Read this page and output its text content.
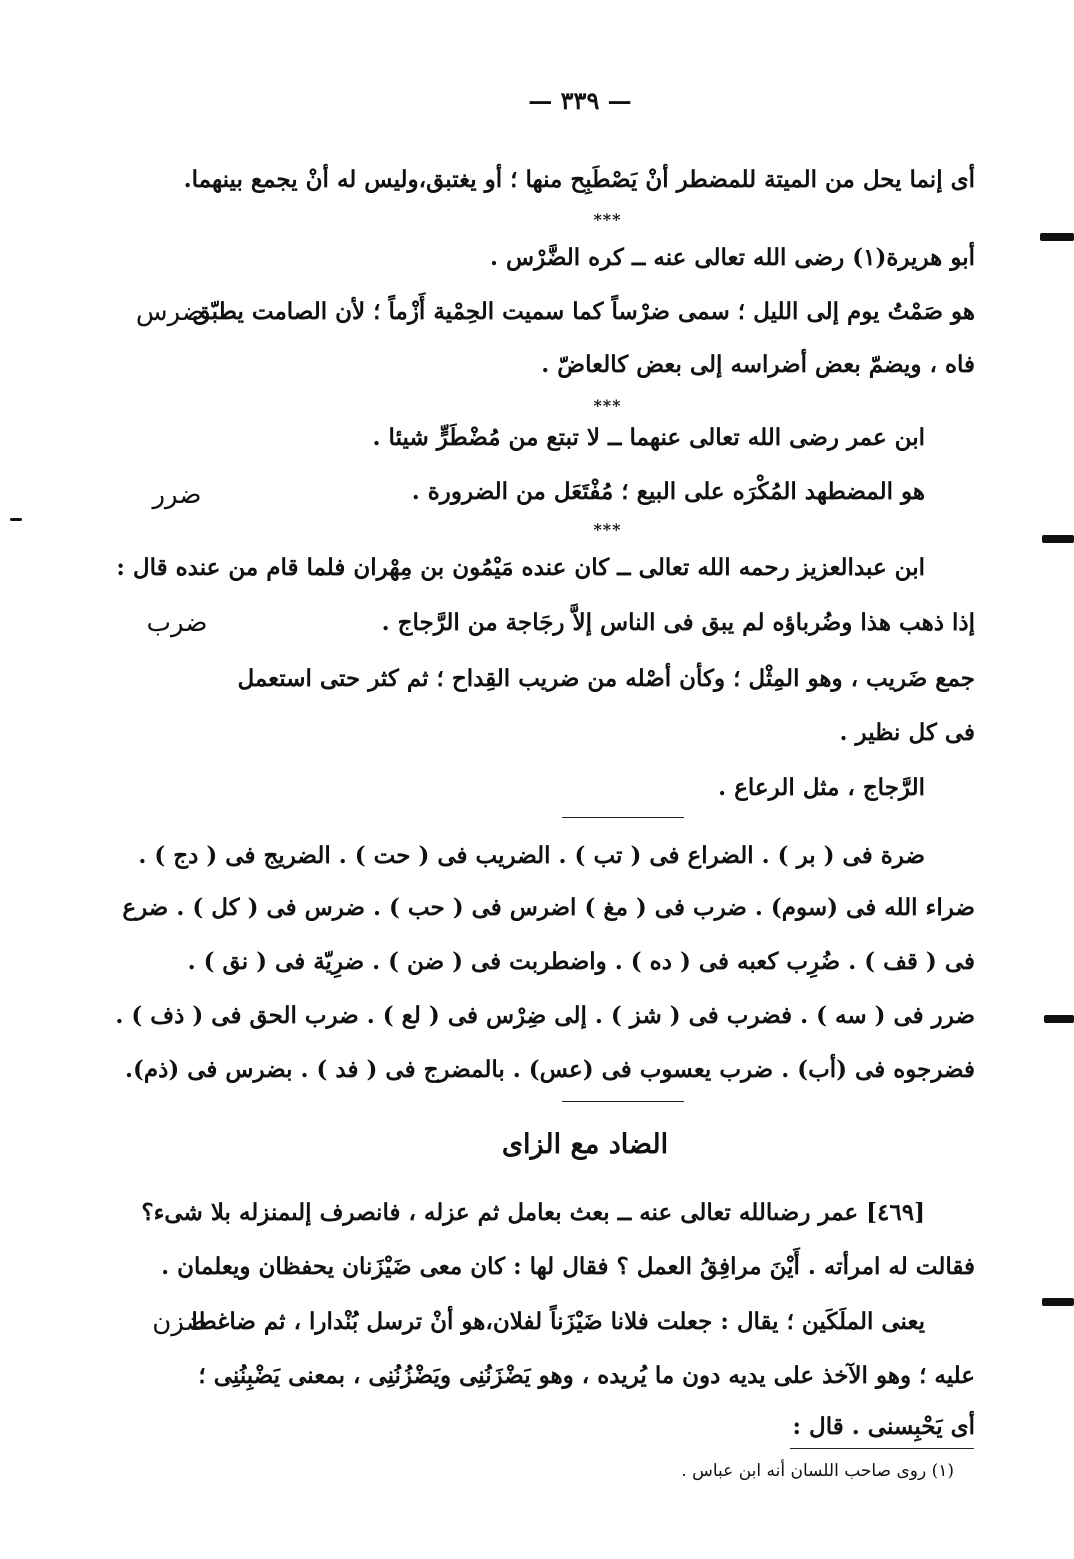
— ٣٣٩ —
أى إنما يحل من الميتة للمضطر أنْ يَصْطَبِح منها ؛ أو يغتبق،وليس له أنْ يجمع بينهما.
***
أبو هريرة(١) رضى الله تعالى عنه ــ كره الضَّرْس .
هو صَمْتُ يوم إلى الليل ؛ سمى ضرْساً كما سميت الحِمْية أَزْماً ؛ لأن الصامت يطبّق
فاه ، ويضمّ بعض أضراسه إلى بعض كالعاضّ .
***
ابن عمر رضى الله تعالى عنهما ــ لا تبتع من مُضْطَرٍّ شيئا .
هو المضطهد المُكْرَه على البيع ؛ مُفْتَعَل من الضرورة .
***
ابن عبدالعزيز رحمه الله تعالى ــ كان عنده مَيْمُون بن مِهْران فلما قام من عنده قال :
إذا ذهب هذا وضُرباؤه لم يبق فى الناس إلاَّ رجَاجة من الرَّجاج .
جمع ضَريب ، وهو المِثْل ؛ وكأن أصْله من ضريب القِداح ؛ ثم كثر حتى استعمل
فى كل نظير .
الرَّجاج ، مثل الرعاع .
ضرة فى ( بر ) . الضراع فى ( تب ) . الضريب فى ( حت ) . الضريج فى ( دج ) .
ضراء الله فى (سوم) . ضرب فى ( مغ ) اضرس فى ( حب ) . ضرس فى ( كل ) . ضرع
فى ( قف ) . ضُرِب كعبه فى ( ده ) . واضطربت فى ( ضن ) . ضرِيّة فى ( نق ) .
ضرر فى ( سه ) . فضرب فى ( شز ) . إلى ضِرْس فى ( لع ) . ضرب الحق فى ( ذف ) .
فضرجوه فى (أب) . ضرب يعسوب فى (عس) . بالمضرج فى ( فد ) . بضرس فى (ذم).
[٤٦٩] عمر رضىالله تعالى عنه ــ بعث بعامل ثم عزله ، فانصرف إلىمنزله بلا شىء؟
فقالت له امرأته . أَيْنَ مرافِقُ العمل ؟ فقال لها : كان معى ضَيْزَنان يحفظان ويعلمان .
يعنى الملَكَين ؛ يقال : جعلت فلانا ضَيْزَناً لفلان،هو أنْ ترسل بُنْدارا ، ثم ضاغطا
عليه ؛ وهو الآخذ على يديه دون ما يُريده ، وهو يَضْزَنُنِى ويَضْزُنُنِى ، بمعنى يَضْبِنُنِى ؛
أى يَحْبِسنى . قال :
ضرس
ضرر
ضرب
ضزن
الضاد مع الزاى
(١) روى صاحب اللسان أنه ابن عباس .
